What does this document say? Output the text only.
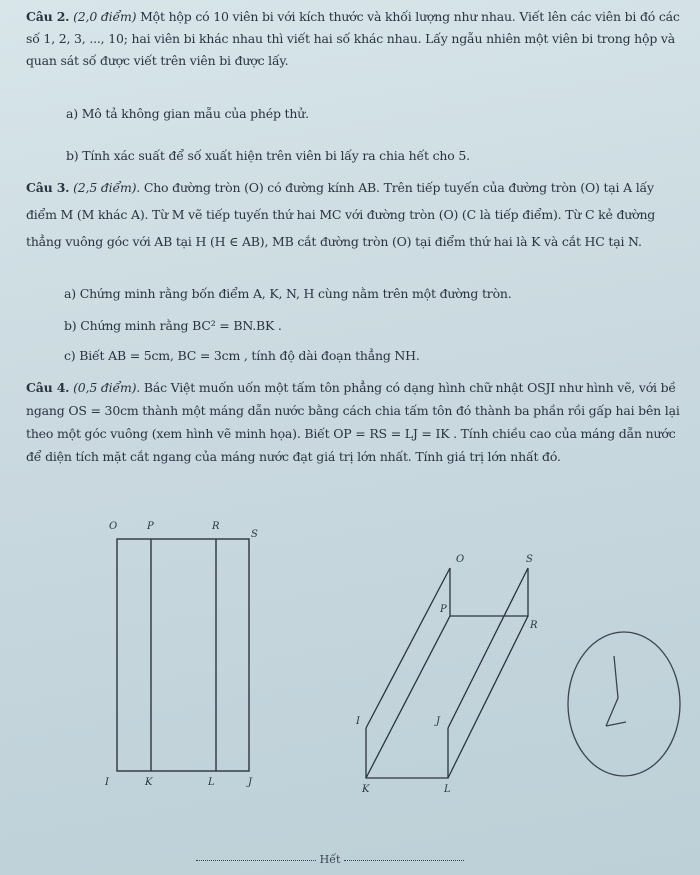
Câu 2. (2,0 điểm) Một hộp có 10 viên bi với kích thước và khối lượng như nhau. Viết lên các viên bi đó các số 1, 2, 3, ..., 10; hai viên bi khác nhau thì viết hai số khác nhau. Lấy ngẫu nhiên một viên bi trong hộp và quan sát số được viết trên viên bi được lấy.
a) Mô tả không gian mẫu của phép thử.
b) Tính xác suất để số xuất hiện trên viên bi lấy ra chia hết cho 5.
Câu 3. (2,5 điểm). Cho đường tròn (O) có đường kính AB. Trên tiếp tuyến của đường tròn (O) tại A lấy điểm M (M khác A). Từ M vẽ tiếp tuyến thứ hai MC với đường tròn (O) (C là tiếp điểm). Từ C kẻ đường thẳng vuông góc với AB tại H (H ∈ AB), MB cắt đường tròn (O) tại điểm thứ hai là K và cắt HC tại N.
a) Chứng minh rằng bốn điểm A, K, N, H cùng nằm trên một đường tròn.
b) Chứng minh rằng BC² = BN.BK .
c) Biết AB = 5cm, BC = 3cm , tính độ dài đoạn thẳng NH.
Câu 4. (0,5 điểm). Bác Việt muốn uốn một tấm tôn phẳng có dạng hình chữ nhật OSJI như hình vẽ, với bề ngang OS = 30cm thành một máng dẫn nước bằng cách chia tấm tôn đó thành ba phần rồi gấp hai bên lại theo một góc vuông (xem hình vẽ minh họa). Biết OP = RS = LJ = IK . Tính chiều cao của máng dẫn nước để diện tích mặt cắt ngang của máng nước đạt giá trị lớn nhất. Tính giá trị lớn nhất đó.
O	P	R
S
I	K	L	J
O	S
P
R
I	J
K	L
Hết
